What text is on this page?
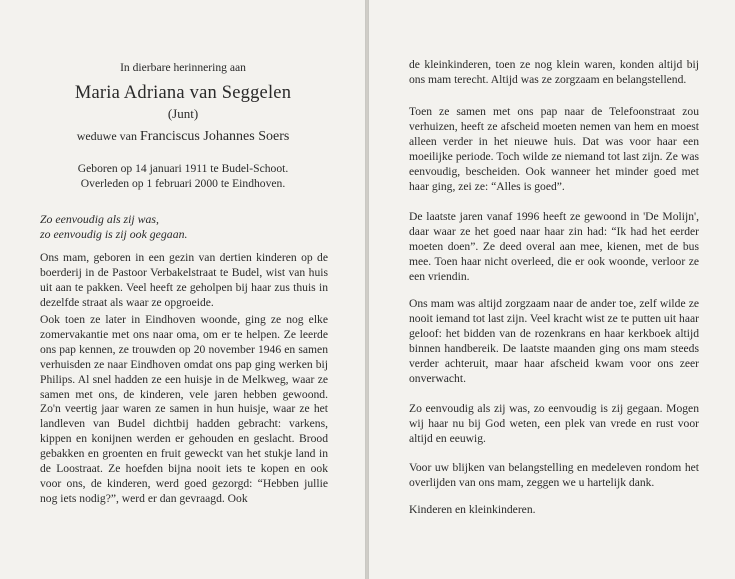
In dierbare herinnering aan
Maria Adriana van Seggelen
(Junt)
weduwe van Franciscus Johannes Soers
Geboren op 14 januari 1911 te Budel-Schoot.
Overleden op 1 februari 2000 te Eindhoven.
Zo eenvoudig als zij was,
zo eenvoudig is zij ook gegaan.
Ons mam, geboren in een gezin van dertien kinderen op de boerderij in de Pastoor Verbakelstraat te Budel, wist van huis uit aan te pakken. Veel heeft ze geholpen bij haar zus thuis in dezelfde straat als waar ze opgroeide.
Ook toen ze later in Eindhoven woonde, ging ze nog elke zomervakantie met ons naar oma, om er te helpen. Ze leerde ons pap kennen, ze trouwden op 20 november 1946 en samen verhuisden ze naar Eindhoven omdat ons pap ging werken bij Philips. Al snel hadden ze een huisje in de Melkweg, waar ze samen met ons, de kinderen, vele jaren hebben gewoond. Zo'n veertig jaar waren ze samen in hun huisje, waar ze het landleven van Budel dichtbij hadden gebracht: varkens, kippen en konijnen werden er gehouden en geslacht. Brood gebakken en groenten en fruit geweckt van het stukje land in de Loostraat. Ze hoefden bijna nooit iets te kopen en ook voor ons, de kinderen, werd goed gezorgd: “Hebben jullie nog iets nodig?”, werd er dan gevraagd. Ook
de kleinkinderen, toen ze nog klein waren, konden altijd bij ons mam terecht. Altijd was ze zorgzaam en belangstellend.
Toen ze samen met ons pap naar de Telefoonstraat zou verhuizen, heeft ze afscheid moeten nemen van hem en moest alleen verder in het nieuwe huis. Dat was voor haar een moeilijke periode. Toch wilde ze niemand tot last zijn. Ze was eenvoudig, bescheiden. Ook wanneer het minder goed met haar ging, zei ze: “Alles is goed”.
De laatste jaren vanaf 1996 heeft ze gewoond in 'De Molijn', daar waar ze het goed naar haar zin had: “Ik had het eerder moeten doen”. Ze deed overal aan mee, kienen, met de bus mee. Toen haar nicht overleed, die er ook woonde, verloor ze een vriendin.
Ons mam was altijd zorgzaam naar de ander toe, zelf wilde ze nooit iemand tot last zijn. Veel kracht wist ze te putten uit haar geloof: het bidden van de rozenkrans en haar kerkboek altijd binnen handbereik. De laatste maanden ging ons mam steeds verder achteruit, maar haar afscheid kwam voor ons zeer onverwacht.
Zo eenvoudig als zij was, zo eenvoudig is zij gegaan. Mogen wij haar nu bij God weten, een plek van vrede en rust voor altijd en eeuwig.
Voor uw blijken van belangstelling en medeleven rondom het overlijden van ons mam, zeggen we u hartelijk dank.
Kinderen en kleinkinderen.
